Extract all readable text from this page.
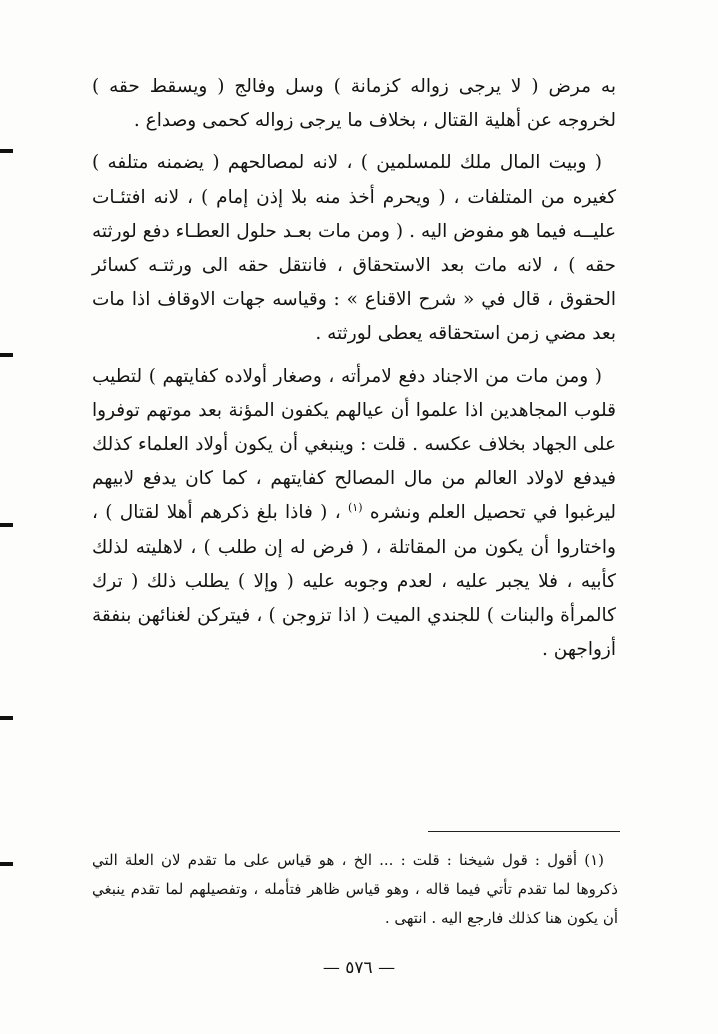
به مرض ( لا يرجى زواله كزمانة ) وسل وفالج ( ويسقط حقه ) لخروجه عن أهلية القتال ، بخلاف ما يرجى زواله كحمى وصداع .

( وبيت المال ملك للمسلمين ) ، لانه لمصالحهم ( يضمنه متلفه ) كغيره من المتلفات ، ( ويحرم أخذ منه بلا إذن إمام ) ، لانه افتئـات عليــه فيما هو مفوض اليه . ( ومن مات بعـد حلول العطـاء دفع لورثته حقه ) ، لانه مات بعد الاستحقاق ، فانتقل حقه الى ورثتـه كسائر الحقوق ، قال في « شرح الاقناع » : وقياسه جهات الاوقاف اذا مات بعد مضي زمن استحقاقه يعطى لورثته .

( ومن مات من الاجناد دفع لامرأته ، وصغار أولاده كفايتهم ) لتطيب قلوب المجاهدين اذا علموا أن عيالهم يكفون المؤنة بعد موتهم توفروا على الجهاد بخلاف عكسه . قلت : وينبغي أن يكون أولاد العلماء كذلك فيدفع لاولاد العالم من مال المصالح كفايتهم ، كما كان يدفع لابيهم ليرغبوا في تحصيل العلم ونشره $^{(١)}$ ، ( فاذا بلغ ذكرهم أهلا لقتال ) ، واختاروا أن يكون من المقاتلة ، ( فرض له إن طلب ) ، لاهليته لذلك كأبيه ، فلا يجبر عليه ، لعدم وجوبه عليه ( وإلا ) يطلب ذلك ( ترك كالمرأة والبنات ) للجندي الميت ( اذا تزوجن ) ، فيتركن لغنائهن بنفقة أزواجهن .

(١) أقول : قول شيخنا : قلت : ... الخ ، هو قياس على ما تقدم لان العلة التي ذكروها لما تقدم تأتي فيما قاله ، وهو قياس ظاهر فتأمله ، وتفصيلهم لما تقدم ينبغي أن يكون هنا كذلك فارجع اليه . انتهى .

— ٥٧٦ —
